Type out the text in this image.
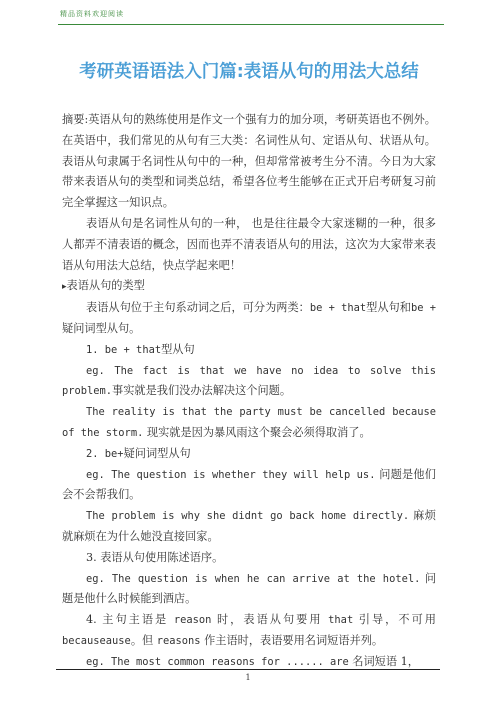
精品资料欢迎阅读
考研英语语法入门篇:表语从句的用法大总结

摘要:英语从句的熟练使用是作文一个强有力的加分项，考研英语也不例外。在英语中，我们常见的从句有三大类：名词性从句、定语从句、状语从句。表语从句隶属于名词性从句中的一种，但却常常被考生分不清。今日为大家带来表语从句的类型和词类总结，希望各位考生能够在正式开启考研复习前完全掌握这一知识点。

表语从句是名词性从句的一种， 也是往往最令大家迷糊的一种，很多人都弄不清表语的概念，因而也弄不清表语从句的用法，这次为大家带来表语从句用法大总结，快点学起来吧！

▸表语从句的类型

表语从句位于主句系动词之后，可分为两类：be + that型从句和be + 疑问词型从句。

1. be + that型从句

eg. The fact is that we have no idea to solve this problem.事实就是我们没办法解决这个问题。

The reality is that the party must be cancelled because of the storm. 现实就是因为暴风雨这个聚会必须得取消了。

2. be+疑问词型从句

eg. The question is whether they will help us. 问题是他们会不会帮我们。

The problem is why she didnt go back home directly. 麻烦就麻烦在为什么她没直接回家。

3. 表语从句使用陈述语序。

eg. The question is when he can arrive at the hotel. 问题是他什么时候能到酒店。

4. 主句主语是 reason 时，表语从句要用 that 引导，不可用 becauseause。但 reasons 作主语时，表语要用名词短语并列。

eg. The most common reasons for ...... are 名词短语 1，

1
